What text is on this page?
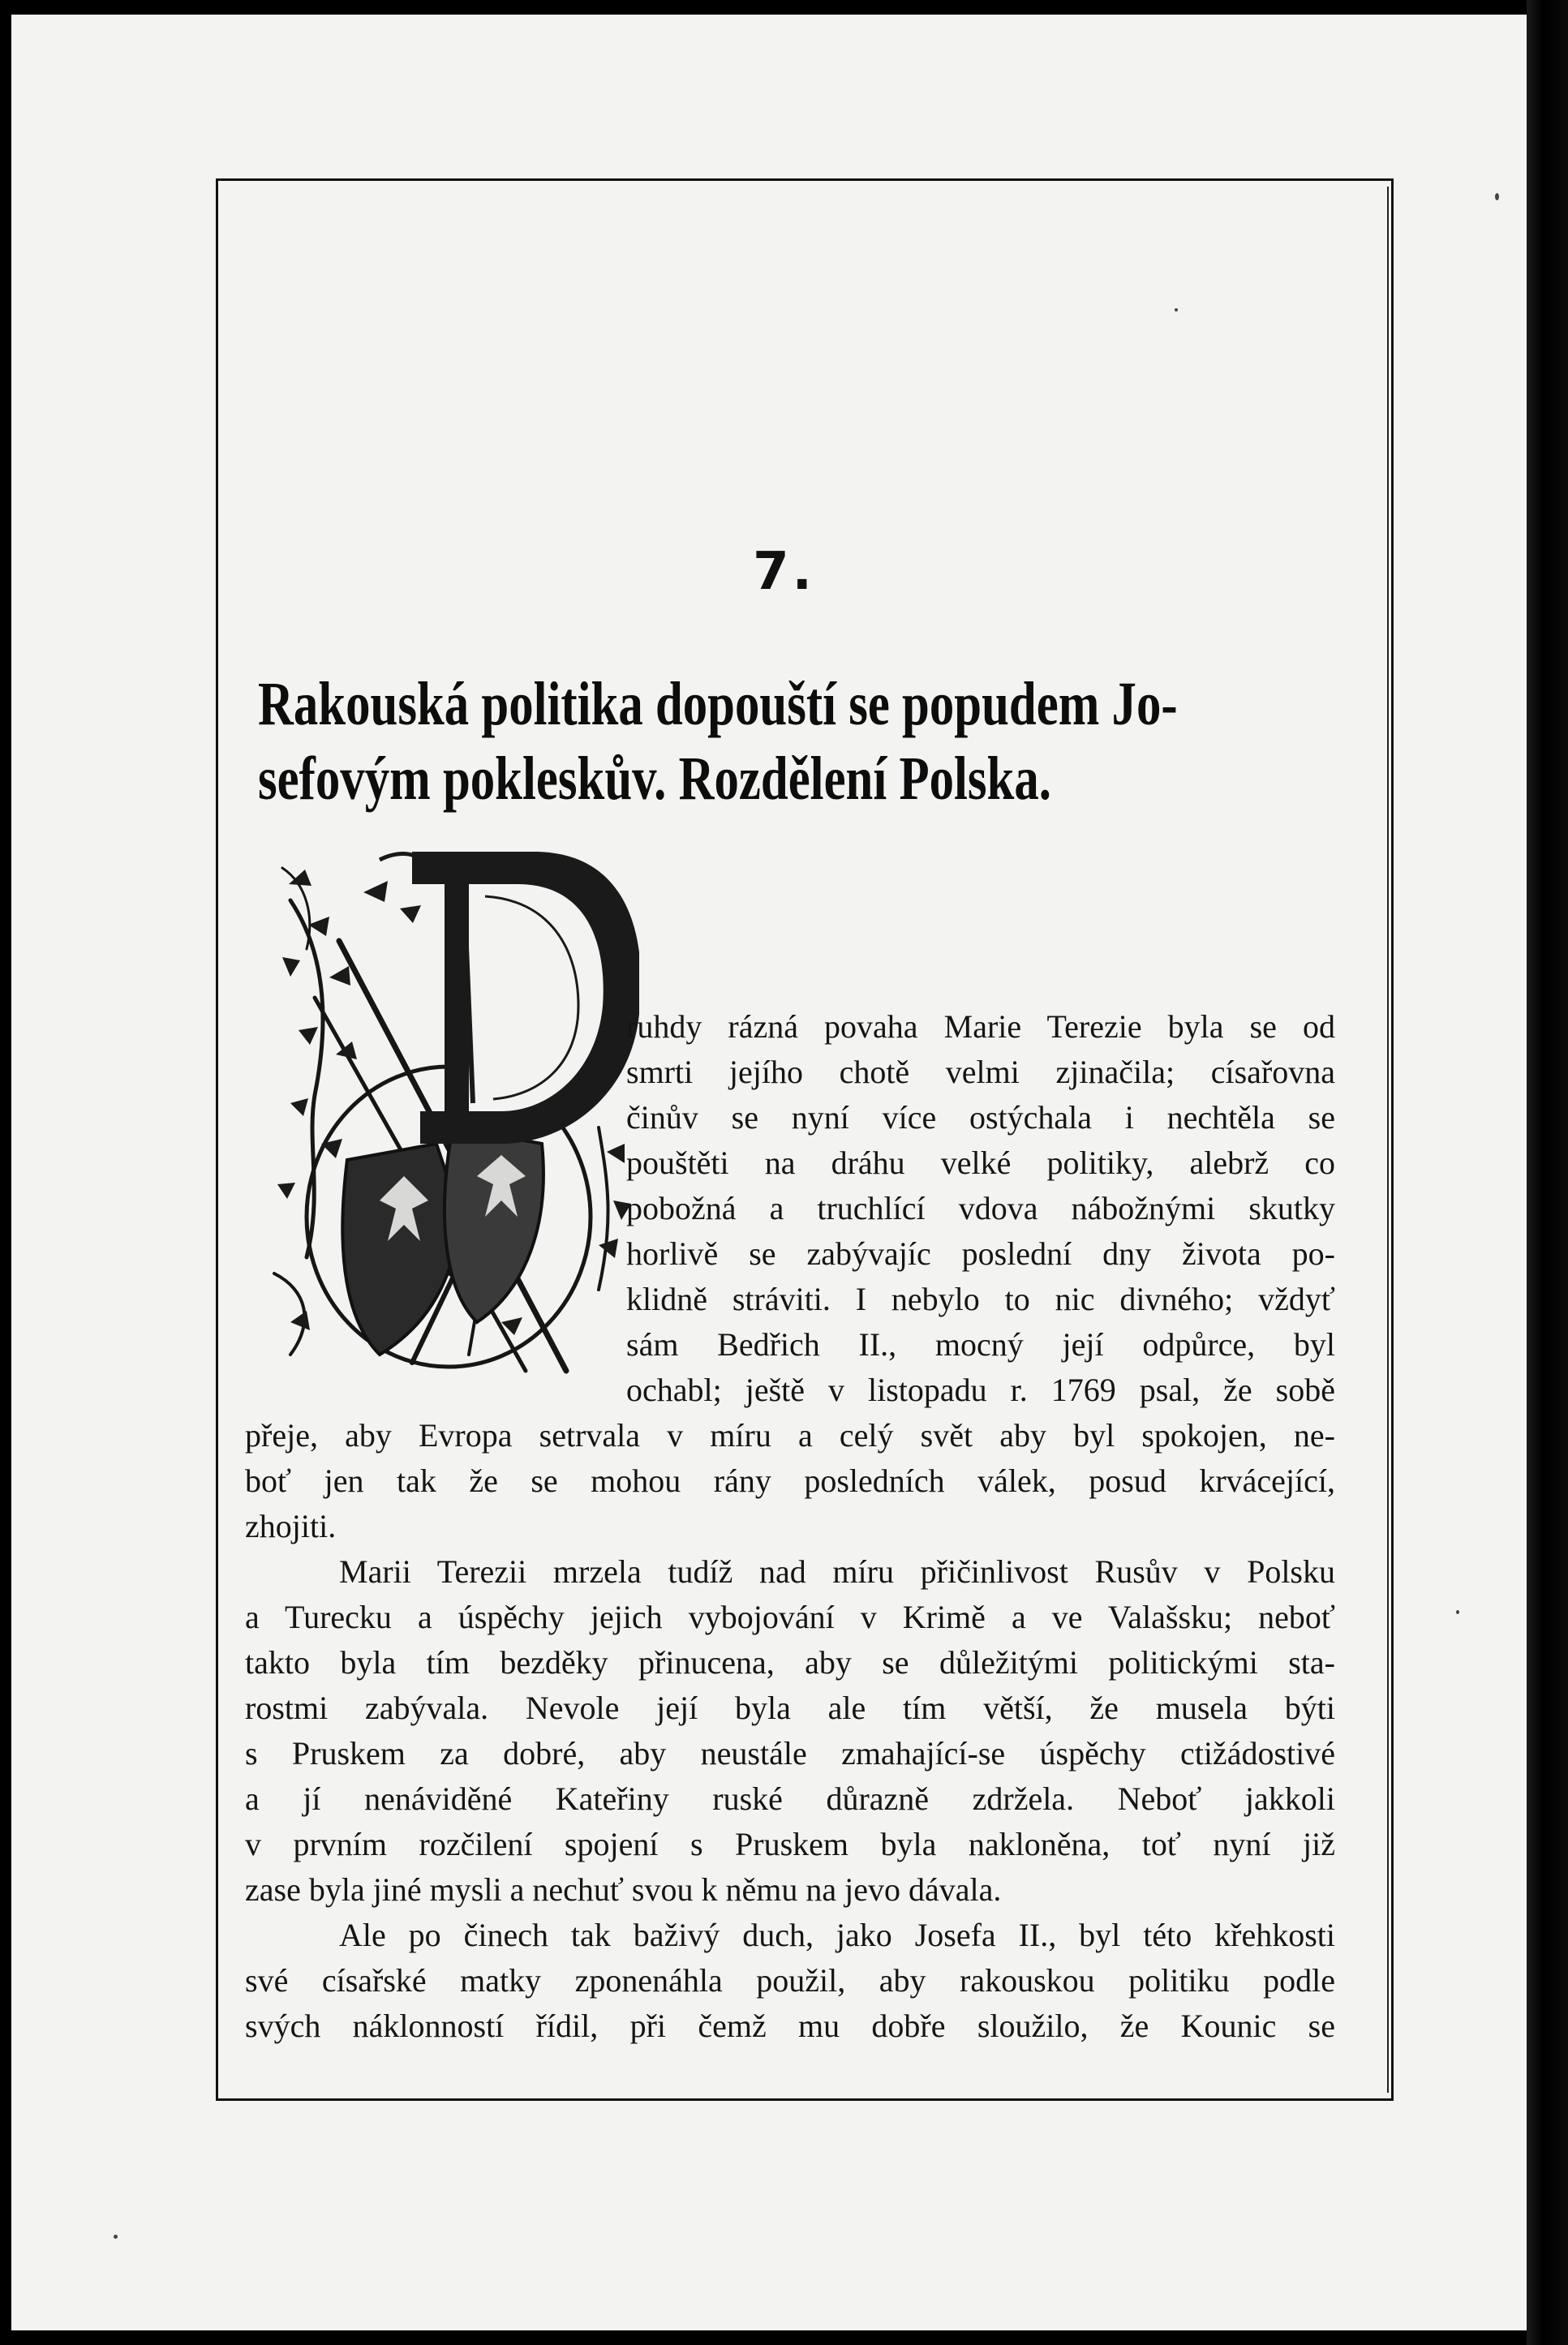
7.
Rakouská politika dopouští se popudem Jo-
sefovým pokleskův. Rozdělení Polska.
ruhdy rázná povaha Marie Terezie byla se od
smrti jejího chotě velmi zjinačila; císařovna
činův se nyní více ostýchala i nechtěla se
pouštěti na dráhu velké politiky, alebrž co
pobožná a truchlící vdova nábožnými skutky
horlivě se zabývajíc poslední dny života po-
klidně stráviti. I nebylo to nic divného; vždyť
sám Bedřich II., mocný její odpůrce, byl
ochabl; ještě v listopadu r. 1769 psal, že sobě
přeje, aby Evropa setrvala v míru a celý svět aby byl spokojen, ne-
boť jen tak že se mohou rány posledních válek, posud krvácející,
zhojiti.
Marii Terezii mrzela tudíž nad míru přičinlivost Rusův v Polsku
a Turecku a úspěchy jejich vybojování v Krimě a ve Valašsku; neboť
takto byla tím bezděky přinucena, aby se důležitými politickými sta-
rostmi zabývala. Nevole její byla ale tím větší, že musela býti
s Pruskem za dobré, aby neustále zmahající-se úspěchy ctižádostivé
a jí nenáviděné Kateřiny ruské důrazně zdržela. Neboť jakkoli
v prvním rozčilení spojení s Pruskem byla nakloněna, toť nyní již
zase byla jiné mysli a nechuť svou k němu na jevo dávala.
Ale po činech tak baživý duch, jako Josefa II., byl této křehkosti
své císařské matky zponenáhla použil, aby rakouskou politiku podle
svých náklonností řídil, při čemž mu dobře sloužilo, že Kounic se
